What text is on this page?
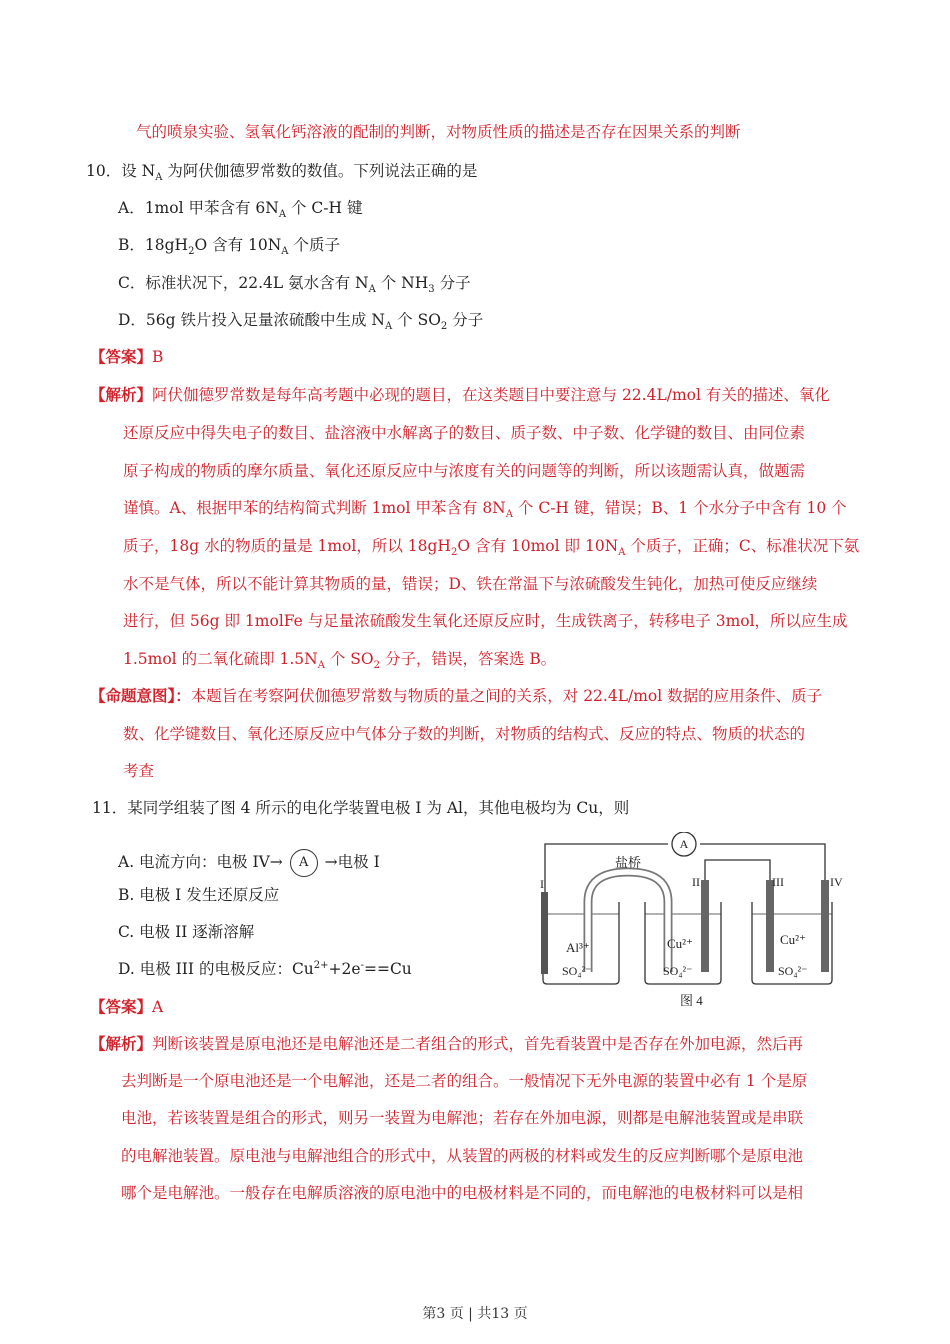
气的喷泉实验、氢氧化钙溶液的配制的判断，对物质性质的描述是否存在因果关系的判断
10．设 $N_A$ 为阿伏伽德罗常数的数值。下列说法正确的是
A．1mol 甲苯含有 $6N_A$ 个 C-H 键
B．$18gH_2O$ 含有 $10N_A$ 个质子
C．标准状况下，22.4L 氨水含有 $N_A$ 个 $NH_3$ 分子
D．56g 铁片投入足量浓硫酸中生成 $N_A$ 个 $SO_2$ 分子
【答案】B
【解析】阿伏伽德罗常数是每年高考题中必现的题目，在这类题目中要注意与 22.4L/mol 有关的描述、氧化
还原反应中得失电子的数目、盐溶液中水解离子的数目、质子数、中子数、化学键的数目、由同位素
原子构成的物质的摩尔质量、氧化还原反应中与浓度有关的问题等的判断，所以该题需认真，做题需
谨慎。A、根据甲苯的结构简式判断 1mol 甲苯含有 $8N_A$ 个 C-H 键，错误；B、1 个水分子中含有 10 个
质子，18g 水的物质的量是 1mol，所以 $18gH_2O$ 含有 10mol 即 $10N_A$ 个质子，正确；C、标准状况下氨
水不是气体，所以不能计算其物质的量，错误；D、铁在常温下与浓硫酸发生钝化，加热可使反应继续
进行，但 56g 即 1molFe 与足量浓硫酸发生氧化还原反应时，生成铁离子，转移电子 3mol，所以应生成
1.5mol 的二氧化硫即 $1.5N_A$ 个 $SO_2$ 分子，错误，答案选 B。
【命题意图】：本题旨在考察阿伏伽德罗常数与物质的量之间的关系，对 22.4L/mol 数据的应用条件、质子
数、化学键数目、氧化还原反应中气体分子数的判断，对物质的结构式、反应的特点、物质的状态的
考查
11．某同学组装了图 4 所示的电化学装置电极 I 为 Al，其他电极均为 Cu，则
A. 电流方向：电极 IV→ A →电极 I
B. 电极 I 发生还原反应
C. 电极 II 逐渐溶解
D. 电极 III 的电极反应：$Cu^{2+}+2e^-==Cu$
A
盐桥
I	II	III	IV
Al³⁺
SO₄²⁻
Cu²⁺
SO₄²⁻
Cu²⁺
SO₄²⁻
图 4
【答案】A
【解析】判断该装置是原电池还是电解池还是二者组合的形式，首先看装置中是否存在外加电源，然后再
去判断是一个原电池还是一个电解池，还是二者的组合。一般情况下无外电源的装置中必有 1 个是原
电池，若该装置是组合的形式，则另一装置为电解池；若存在外加电源，则都是电解池装置或是串联
的电解池装置。原电池与电解池组合的形式中，从装置的两极的材料或发生的反应判断哪个是原电池
哪个是电解池。一般存在电解质溶液的原电池中的电极材料是不同的，而电解池的电极材料可以是相
第3 页 | 共13 页
